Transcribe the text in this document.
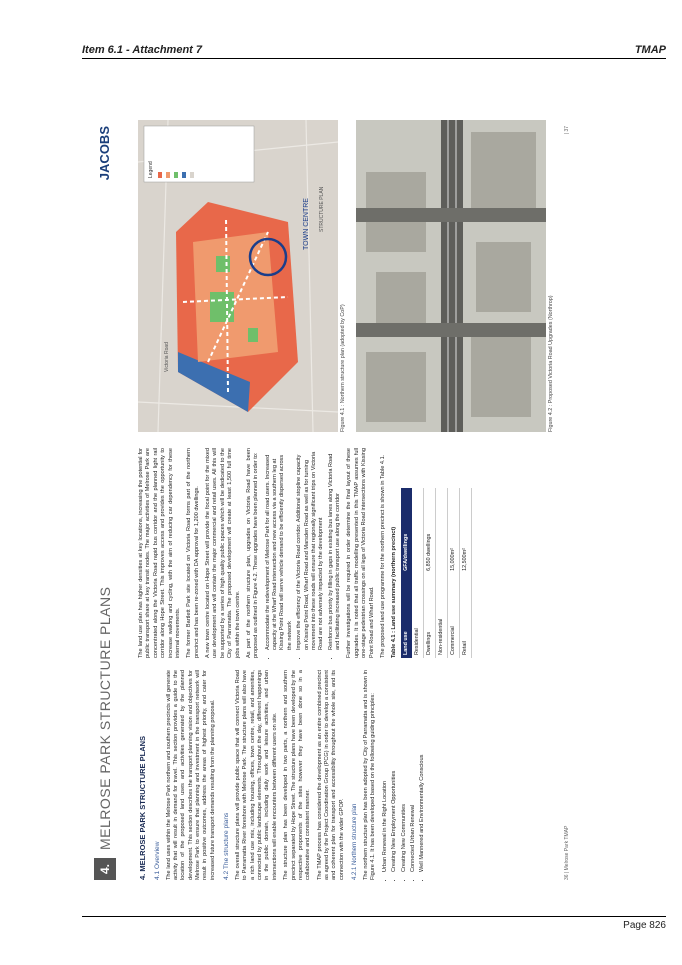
Item 6.1 - Attachment 7	TMAP
4.
MELROSE PARK STRUCTURE PLANS
JACOBS
4. MELROSE PARK STRUCTURE PLANS 4.1 Overview The land uses within the Melrose Park northern and southern precincts will generate activity that will result in demand for travel. This section provides a guide to the location of the proposed land uses and activities generated by the planned development. This section describes the transport planning vision and objectives for Melrose Park to ensure that planning and investment in the transport network will result in positive outcomes, address the areas of highest priority, and cater for increased future transport demands resulting from the planning proposal. 4.2 The structure plans The overall structure plans will provide public space that will connect Victoria Road to Parramatta River foreshore with Melrose Park. The structure plans will also have a rich land use mix, including housing, offices, town centre, retail, and amenities, connected by public landscape elements. Throughout the day, different happenings in the public domain, including daily work and leisure activities, and urban intersections will enable encounters between different users on site. The structure plan has been developed in two parts, a northern and southern precinct separated by Hope Street. The structure plans have been developed by the respective proponents of the sites however they have been done so in a collaborative and consistent manner. The TMAP process has considered the development as an entire combined precinct as agreed by the Project Coordination Group (PCG) in order to develop a consistent and coherent plan for transport and accessibility throughout the whole site, and its connection with the wider GPOP. 4.2.1 Northern structure plan The northern structure plan has been adopted by City of Parramatta and is shown in Figure 4.1. It has been developed based on the following guiding principles: • Urban Renewal in the Right Location • Creating New Employment Opportunities • Creating New Communities • Connected Urban Renewal • Well Mannered and Environmentally Conscious

The land use plan has higher densities at key locations, increasing the potential for public transport share at key transit nodes. The major activities of Melrose Park are concentrated along the Victoria Road rapid bus corridor and the planned light rail corridor along Hope Street. This improves access and provides the opportunity to increase walking and cycling, with the aim of reducing car dependency for these internal movements. The former Bartlett Park site located on Victoria Road forms part of the northern precinct and has been re-zoned with DA approval for 1,200 dwellings. A new town centre located on Hope Street will provide the focal point for the mixed use development and will contain the major commercial and retail uses. All this will be supported by a series of high quality public spaces which will be dedicated to the City of Parramatta. The proposed development will create at least 1,500 full time jobs within the town centre. As part of the northern structure plan, upgrades on Victoria Road have been proposed as outlined in Figure 4.2. These upgrades have been planned in order to: • Accommodate the redevelopment of Melrose Park for all road users. Increased capacity at the Wharf Road intersection and new access via a southern leg at Kissing Point Road will serve vehicle demand to be efficiently dispersed across the network • Improve the efficiency of the Victoria Road corridor. Additional stopline capacity on Kissing Point Road, Wharf Road and Marsden Road as well as for turning movement into these roads will ensure that regionally significant trips on Victoria Road are not adversely impacted by the development • Reinforce bus priority by filling in gaps in existing bus lanes along Victoria Road and facilitating increased public transport use along the corridor Further investigations will be required in order determine the final layout of these upgrades. It is noted that all traffic modelling presented in this TMAP assumes full one-stage pedestrian crossings on all legs of Victoria Road intersections with Kissing Point Road and Wharf Road. The proposed land use programme for the northern precinct is shown in Table 4.1. Table 4.1 : Land use summary (northern precinct) Land use	GFA/dwellings
Residential	
Dwellings	6,850 dwellings
Non-residential	
Commercial	15,000m²
Retail	12,500m²
TOWN CENTRE
Victoria Road
STRUCTURE PLAN
Legend
Figure 4.1 : Northern structure plan (adopted by CoP)	Figure 4.2 : Proposed Victoria Road Upgrades (Northrop)
36 | Melrose Park TMAP
| 37
Page 826
